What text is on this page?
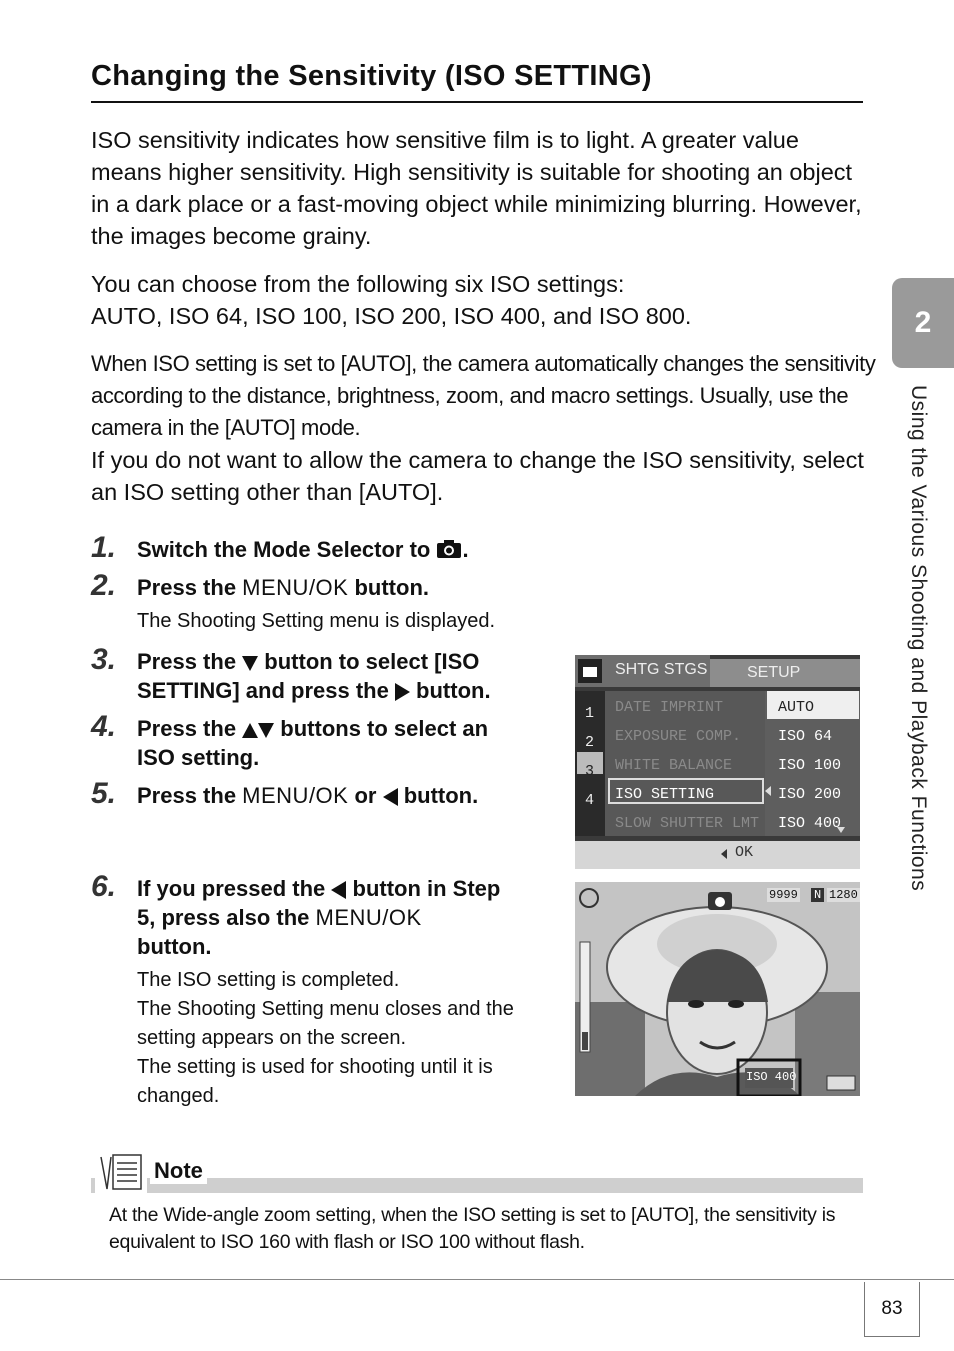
Changing the Sensitivity (ISO SETTING)

ISO sensitivity indicates how sensitive film is to light. A greater value means higher sensitivity. High sensitivity is suitable for shooting an object in a dark place or a fast-moving object while minimizing blurring. However, the images become grainy.

You can choose from the following six ISO settings:
AUTO, ISO 64, ISO 100, ISO 200, ISO 400, and ISO 800.

When ISO setting is set to [AUTO], the camera automatically changes the sensitivity according to the distance, brightness, zoom, and macro settings. Usually, use the camera in the [AUTO] mode.

If you do not want to allow the camera to change the ISO sensitivity, select an ISO setting other than [AUTO].

1. Switch the Mode Selector to .
2. Press the MENU/OK button.

The Shooting Setting menu is displayed.

3. Press the  button to select [ISO
SETTING] and press the  button.
4. Press the  buttons to select an
ISO setting.
5. Press the MENU/OK or  button.
6. If you pressed the  button in Step
5, press also the MENU/OK
button.
The ISO setting is completed.
The Shooting Setting menu closes and the setting appears on the screen.
The setting is used for shooting until it is changed.
SHTG STGS SETUP
1
2
3
4
DATE IMPRINT
EXPOSURE COMP.
WHITE BALANCE
ISO SETTING
SLOW SHUTTER LMT
AUTO
ISO 64
ISO 100
ISO 200
ISO 400
OK
9999 N 1280
ISO 400
2
Using the Various Shooting and Playback Functions
Note

At the Wide-angle zoom setting, when the ISO setting is set to [AUTO], the sensitivity is equivalent to ISO 160 with flash or ISO 100 without flash.

83
